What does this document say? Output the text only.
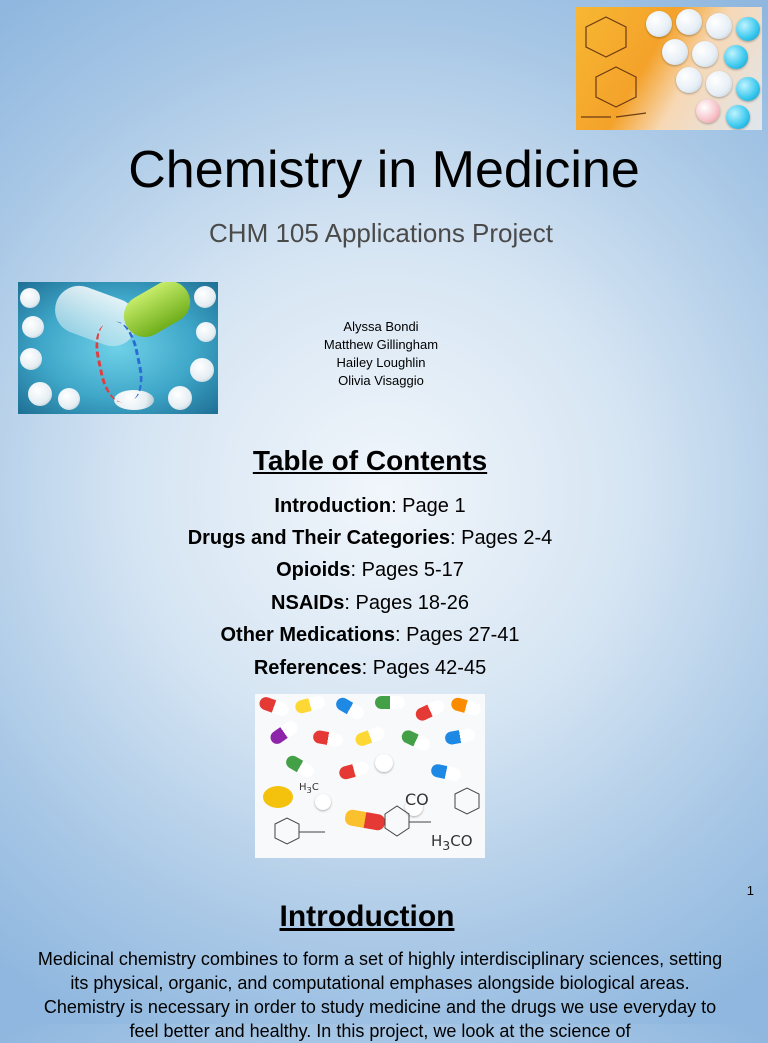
Chemistry in Medicine
CHM 105 Applications Project
Alyssa Bondi
Matthew Gillingham
Hailey Loughlin
Olivia Visaggio
Table of Contents
Introduction: Page 1
Drugs and Their Categories: Pages 2-4
Opioids: Pages 5-17
NSAIDs: Pages 18-26
Other Medications: Pages 27-41
References: Pages 42-45
CO
$H_3CO$
$H_3C$
1
Introduction
Medicinal chemistry combines to form a set of highly interdisciplinary sciences, setting its physical, organic, and computational emphases alongside biological areas. Chemistry is necessary in order to study medicine and the drugs we use everyday to feel better and healthy. In this project, we look at the science of
